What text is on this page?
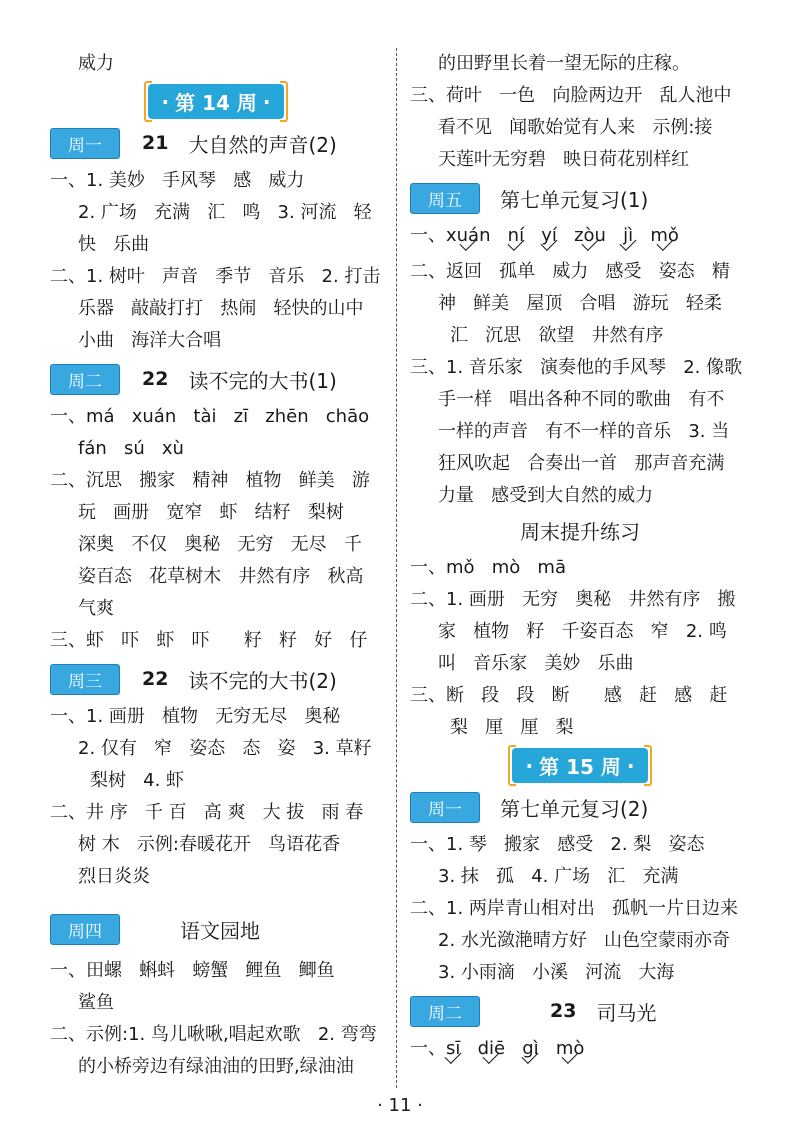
威力
· 第 14 周 ·
周一	21 大自然的声音(2)
一、1. 美妙   手风琴   感   威力
2. 广场   充满   汇   鸣   3. 河流   轻
快   乐曲
二、1. 树叶   声音   季节   音乐   2. 打击
乐器   敲敲打打   热闹   轻快的山中
小曲   海洋大合唱
周二	22 读不完的大书(1)
一、má   xuán   tài   zī   zhēn   chāo
fán   sú   xù
二、沉思   搬家   精神   植物   鲜美   游
玩   画册   宽窄   虾   结籽   梨树
深奥   不仅   奥秘   无穷   无尽   千
姿百态   花草树木   井然有序   秋高
气爽
三、虾   吓   虾   吓      籽   籽   好   仔
周三	22 读不完的大书(2)
一、1. 画册   植物   无穷无尽   奥秘
2. 仅有   窄   姿态   态   姿   3. 草籽
梨树   4. 虾
二、井 序   千 百   高 爽   大 拔   雨 春
树 木   示例:春暖花开   鸟语花香
烈日炎炎
周四	语文园地
一、田螺   蝌蚪   螃蟹   鲤鱼   鲫鱼
鲨鱼
二、示例:1. 鸟儿啾啾,唱起欢歌   2. 弯弯
的小桥旁边有绿油油的田野,绿油油
的田野里长着一望无际的庄稼。
三、荷叶   一色   向脸两边开   乱人池中
看不见   闻歌始觉有人来   示例:接
天莲叶无穷碧   映日荷花别样红
周五	第七单元复习(1)
一、xuán ní yí zòu jì mǒ
二、返回   孤单   威力   感受   姿态   精
神   鲜美   屋顶   合唱   游玩   轻柔
汇   沉思   欲望   井然有序
三、1. 音乐家   演奏他的手风琴   2. 像歌
手一样   唱出各种不同的歌曲   有不
一样的声音   有不一样的音乐   3. 当
狂风吹起   合奏出一首   那声音充满
力量   感受到大自然的威力
周末提升练习
一、mǒ   mò   mā
二、1. 画册   无穷   奥秘   井然有序   搬
家   植物   籽   千姿百态   窄   2. 鸣
叫   音乐家   美妙   乐曲
三、断   段   段   断      感   赶   感   赶
梨   厘   厘   梨
· 第 15 周 ·
周一	第七单元复习(2)
一、1. 琴   搬家   感受   2. 梨   姿态
3. 抹   孤   4. 广场   汇   充满
二、1. 两岸青山相对出   孤帆一片日边来
2. 水光潋滟晴方好   山色空蒙雨亦奇
3. 小雨滴   小溪   河流   大海
周二	23 司马光
一、sī diē gì mò
· 11 ·
